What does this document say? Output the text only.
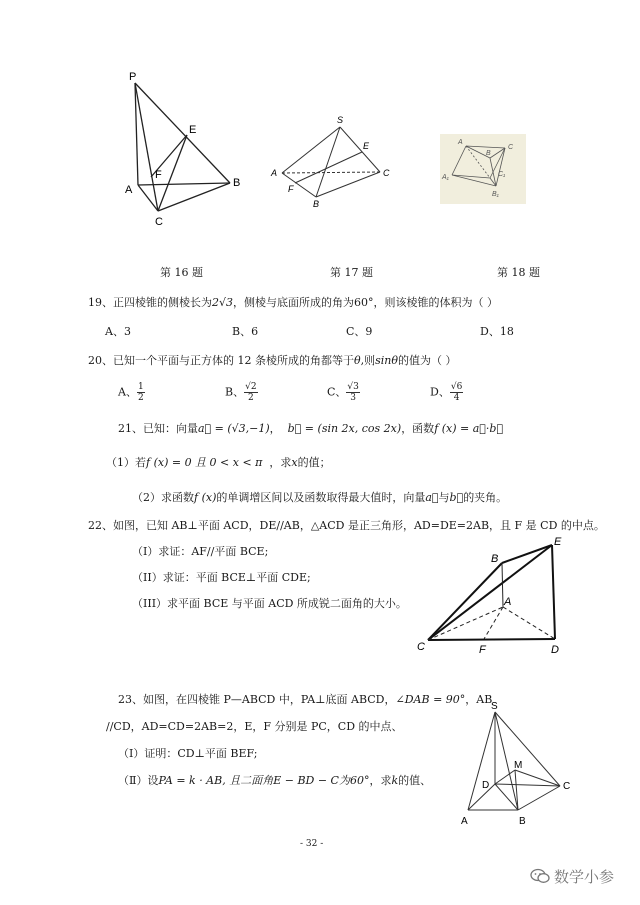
P
E
F
A
B
C
S
E
A	C
F
B
A
B
C
C₁
B₁
A₁
第 16 题	第 17 题	第 18 题
19、正四棱锥的侧棱长为2√3，侧棱与底面所成的角为60°，则该棱锥的体积为（ ）
A、3	B、6	C、9	D、18
20、已知一个平面与正方体的 12 条棱所成的角都等于θ,则sinθ的值为（ ）
A、 $\frac{1}{2}$	B、 $\frac{√2}{2}$	C、 $\frac{√3}{3}$	D、 $\frac{√6}{4}$
21、已知：向量a⃗ = (√3,−1)， b⃗ = (sin 2x, cos 2x)，函数f (x) = a⃗·b⃗
（1）若f (x) = 0 且 0 < x < π ，求x的值；
（2）求函数f (x)的单调增区间以及函数取得最大值时，向量a⃗与b⃗的夹角。
22、如图，已知 AB⊥平面 ACD，DE//AB，△ACD 是正三角形，AD=DE=2AB，且 F 是 CD 的中点。
（I）求证：AF//平面 BCE;
（II）求证：平面 BCE⊥平面 CDE;
（III）求平面 BCE 与平面 ACD 所成锐二面角的大小。
B
E
A
C	F	D
23、如图，在四棱锥 P—ABCD 中，PA⊥底面 ABCD，∠DAB = 90°，AB
//CD，AD=CD=2AB=2，E，F 分别是 PC，CD 的中点、
（Ⅰ）证明：CD⊥平面 BEF;
（Ⅱ）设PA = k · AB, 且二面角E − BD − C为60°，求k的值、
S
M
D	C
A	B
- 32 -
数学小参
